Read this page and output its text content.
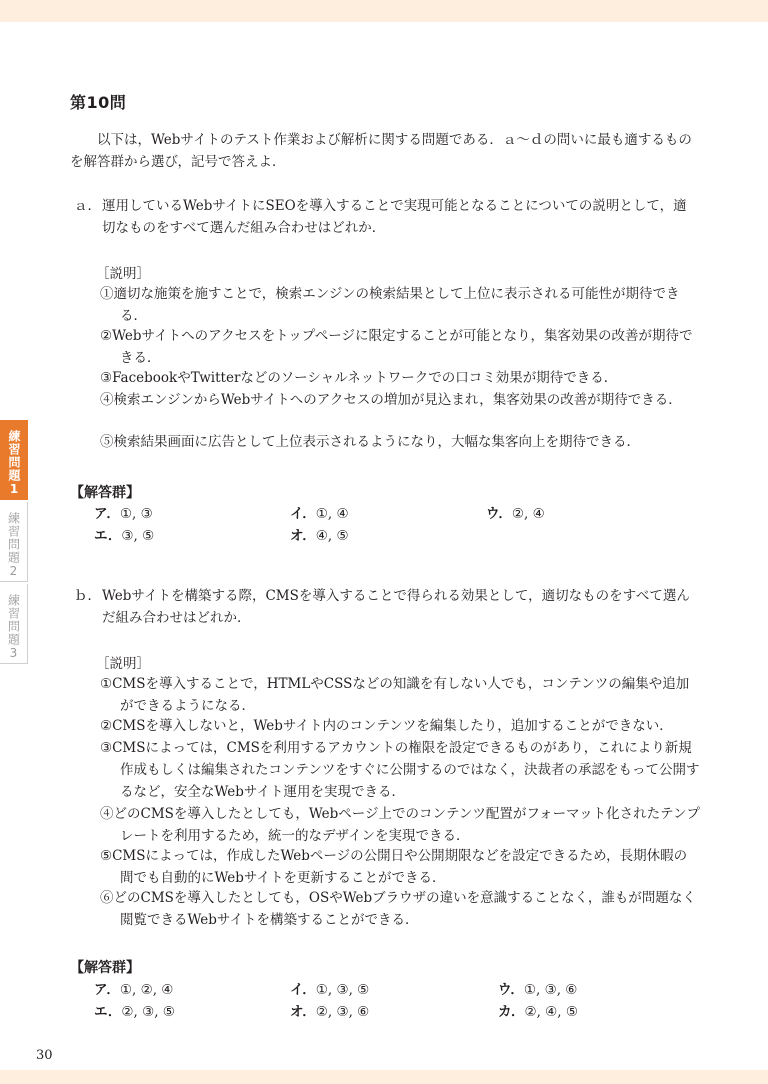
練習問題
1
練習問題
2
練習問題
3
第10問
以下は，Webサイトのテスト作業および解析に関する問題である．ａ～ｄの問いに最も適するものを解答群から選び，記号で答えよ．
ａ． 運用しているWebサイトにSEOを導入することで実現可能となることについての説明として，適切なものをすべて選んだ組み合わせはどれか．
［説明］
①適切な施策を施すことで，検索エンジンの検索結果として上位に表示される可能性が期待できる．
②Webサイトへのアクセスをトップページに限定することが可能となり，集客効果の改善が期待できる．
③FacebookやTwitterなどのソーシャルネットワークでの口コミ効果が期待できる．
④検索エンジンからWebサイトへのアクセスの増加が見込まれ，集客効果の改善が期待できる．
⑤検索結果画面に広告として上位表示されるようになり，大幅な集客向上を期待できる．
【解答群】
ア．①, ③	イ．①, ④	ウ．②, ④
エ．③, ⑤	オ．④, ⑤
ｂ． Webサイトを構築する際，CMSを導入することで得られる効果として，適切なものをすべて選んだ組み合わせはどれか．
［説明］
①CMSを導入することで，HTMLやCSSなどの知識を有しない人でも，コンテンツの編集や追加ができるようになる．
②CMSを導入しないと，Webサイト内のコンテンツを編集したり，追加することができない．
③CMSによっては，CMSを利用するアカウントの権限を設定できるものがあり，これにより新規作成もしくは編集されたコンテンツをすぐに公開するのではなく，決裁者の承認をもって公開するなど，安全なWebサイト運用を実現できる．
④どのCMSを導入したとしても，Webページ上でのコンテンツ配置がフォーマット化されたテンプレートを利用するため，統一的なデザインを実現できる．
⑤CMSによっては，作成したWebページの公開日や公開期限などを設定できるため，長期休暇の間でも自動的にWebサイトを更新することができる．
⑥どのCMSを導入したとしても，OSやWebブラウザの違いを意識することなく，誰もが問題なく閲覧できるWebサイトを構築することができる．
【解答群】
ア．①, ②, ④	イ．①, ③, ⑤	ウ．①, ③, ⑥
エ．②, ③, ⑤	オ．②, ③, ⑥	カ．②, ④, ⑤
30
